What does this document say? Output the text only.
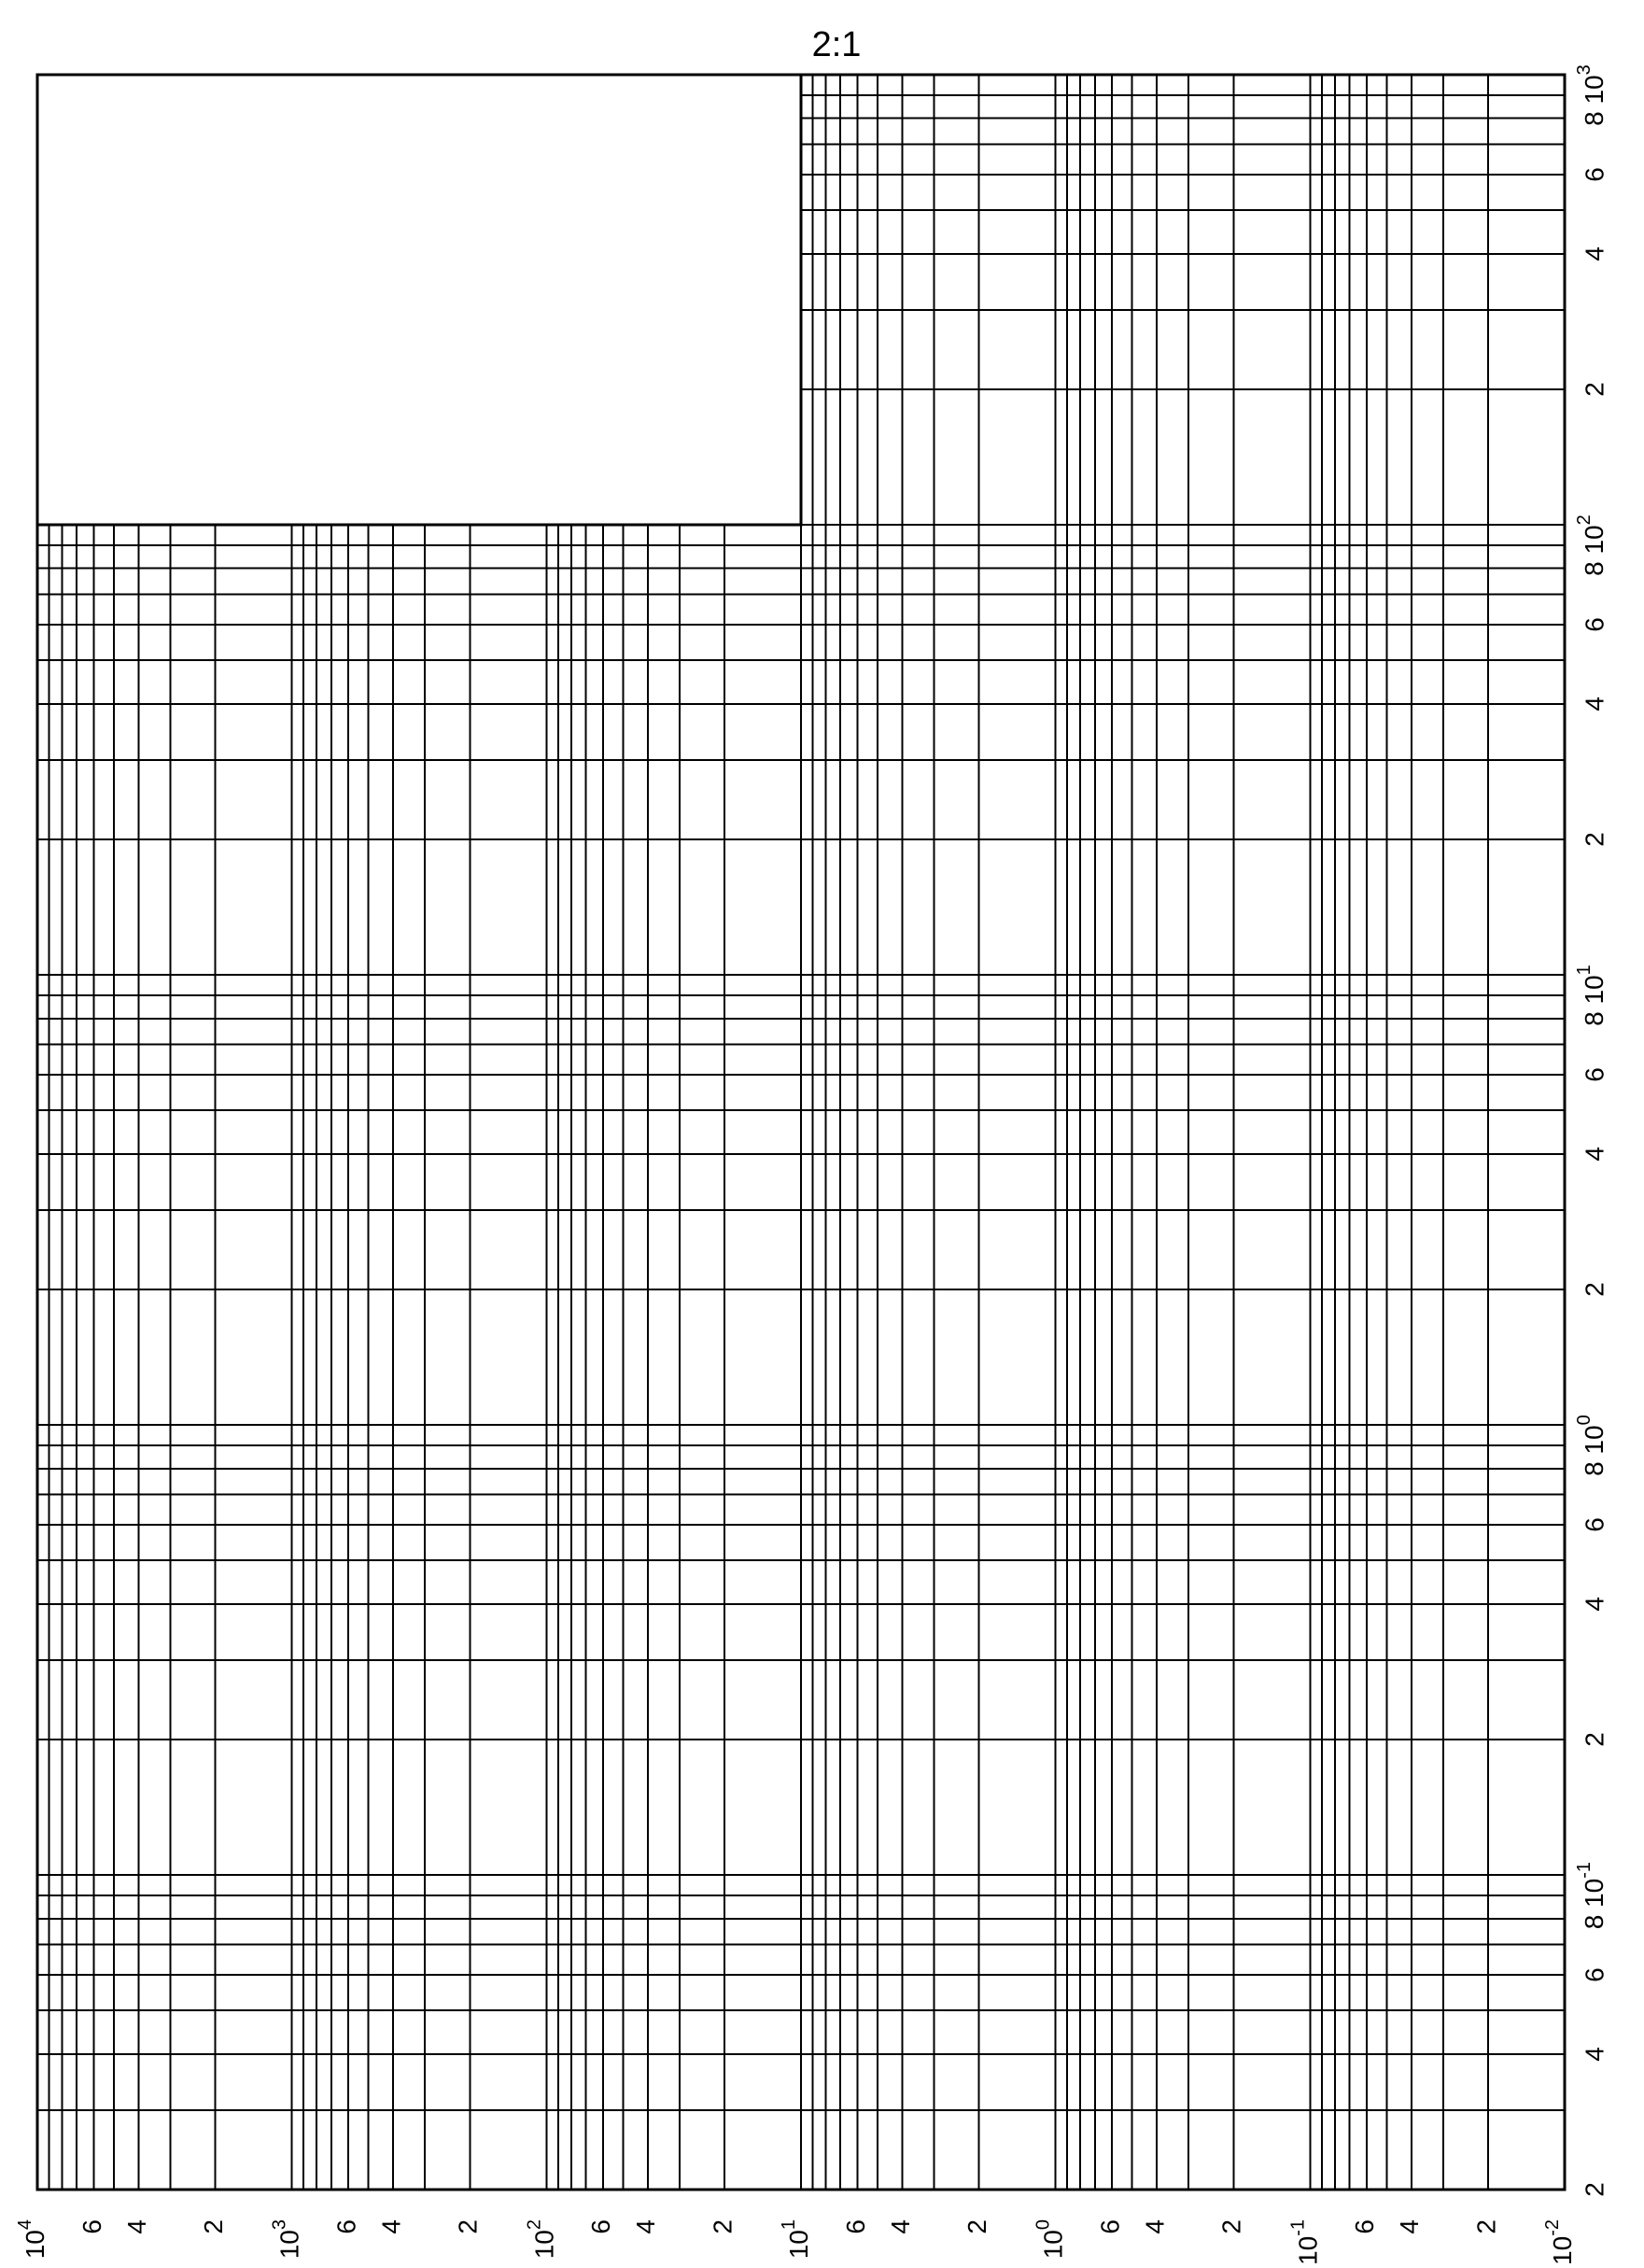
2:1
$10^4$	6 4 2
$10^3$	6 4 2
$10^2$	6 4 2
$10^1$	6 4 2
$10^0$	6 4 2
$10^{-1}$	6 4 2
$10^{-2}$
2
4
6
8 $10^{-1}$
2
4
6
8 $10^0$
2
4
6
8 $10^1$
2
4
6
8 $10^2$
2
4
6
8 $10^3$
